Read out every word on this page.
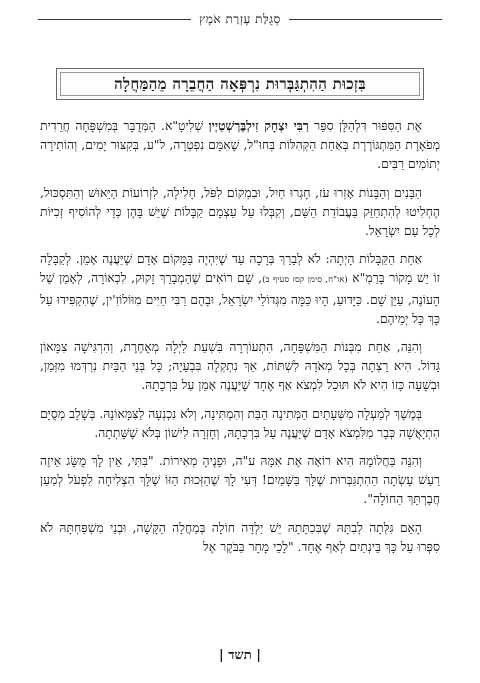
סְגֻלַּת עֶזְרַת אֹמֶץ
בִּזְכוּת הַהִתְגַּבְּרוּת נִרְפְּאָה הַחֲבֵרָה מֵהַמַּחֲלָה

אֶת הַסִּפּוּר דִּלְהַלָּן סִפֵּר רַבִּי יִצְחָק זִילְבֶּרְשְׁטַיְין שְׁלִיטָ"א. הַמְּדֻבָּר בְּמִשְׁפָּחָה חֲרֵדִית מְפֹאֶרֶת הַמִּתְגּוֹרֶרֶת בְּאַחַת הַקְּהִלּוֹת בְּחוּ"ל, שֶׁאִמָּם נִפְטְרָה, ל"ע, בְּקִצּוּר יָמִים, וְהוֹתִירָה יְתוֹמִים רַבִּים.

הַבָּנִים וְהַבָּנוֹת אָזְרוּ עֹז, חָגְרוּ חַיִל, וּבִמְקוֹם לִפֹּל, חָלִילָה, לִזְרוֹעוֹת הַיֵּאוּשׁ וְהַתִּסְכּוּל, הֶחְלִיטוּ לְהִתְחַזֵּק בַּעֲבוֹדַת הַשֵּׁם, וְקִבְּלוּ עַל עַצְמָם קַבָּלוֹת שֶׁיֵּשׁ בָּהֶן כְּדֵי לְהוֹסִיף זְכִיּוֹת לְכָל עַם יִשְׂרָאֵל.

אַחַת הַקַּבָּלוֹת הָיְתָה: לֹא לְבָרֵךְ בְּרָכָה עַד שֶׁיִּהְיֶה בַּמָּקוֹם אָדָם שֶׁיַּעֲנֶה אָמֵן. לְקַבָּלָה זוֹ יֵשׁ מָקוֹר בָּרַמְ"א (או"ח, סימן קסז סעיף ב), שָׁם רוֹאִים שֶׁהַמְבָרֵךְ זָקוּק, לִכְאוֹרָה, לְאָמֵן שֶׁל הָעוֹנֶה, עַיֵּן שָׁם. כַּיָּדוּעַ, הָיוּ כַּמָּה מִגְּדוֹלֵי יִשְׂרָאֵל, וּבָהֶם רַבִּי חַיִּים מִוּוֹלוֹזִ'ין, שֶׁהִקְפִּידוּ עַל כָּךְ כָּל יְמֵיהֶם.

וְהִנֵּה, אַחַת מִבְּנוֹת הַמִּשְׁפָּחָה, הִתְעוֹרְרָה בִּשְׁעַת לַיְלָה מְאֻחֶרֶת, וְהִרְגִּישָׁה צִמָּאוֹן גָּדוֹל. הִיא רָצְתָה בְּכָל מְאֹדָהּ לִשְׁתּוֹת, אַךְ נִתְקְלָה בִּבְעָיָה; כָּל בְּנֵי הַבַּיִת נִרְדְּמוּ מִזְּמַן, וּבְשָׁעָה כָּזוֹ הִיא לֹא תּוּכַל לִמְצֹא אַף אֶחָד שֶׁיַּעֲנֶה אָמֵן עַל בִּרְכָתָהּ.

בְּמֶשֶׁךְ לְמַעְלָה מִשְּׁעָתַיִם הַמְּתִינָה הַבַּת וְהִמְתִּינָה, וְלֹא נִכְנְעָה לַצִּמָּאוֹנָהּ. בְּשָׁלָב מְסֻיָּם הִתְיָאֲשָׁה כְּבָר מִלִּמְצֹא אָדָם שֶׁיַּעֲנֶה עַל בִּרְכָתָהּ, וְחָזְרָה לִישׁוֹן בְּלֹא שֶׁשָּׁתְתָה.

וְהִנֵּה בַּחֲלוֹמָהּ הִיא רוֹאָה אֶת אִמָּהּ ע"ה, וּפָנֶיהָ מְאִירוֹת. "בִּתִּי, אֵין לָךְ מֻשָּׂג אֵיזֶה רַעַשׁ עָשְׂתָה הַהִתְגַּבְּרוּת שֶׁלָּךְ בַּשָּׁמַיִם! דְּעִי לָךְ שֶׁהַזְּכוּת הַזּוֹ שֶׁלָּךְ הִצְלִיחָה לִפְעֹל לְמַעַן חֲבֶרְתֵּךְ הַחוֹלָה".

הָאֵם גִּלְּתָה לְבִתָּהּ שֶׁבִּכִתָּתָהּ יֵשׁ יַלְדָּה חוֹלָה בְּמַחֲלָה הַקָּשָׁה, וּבְנֵי מִשְׁפַּחְתָּהּ לֹא סִפְּרוּ עַל כָּךְ בֵּינְתַיִם לְאַף אֶחָד. "לָכֵי מָחָר בַּבֹּקֶר אֶל

| תשד |
